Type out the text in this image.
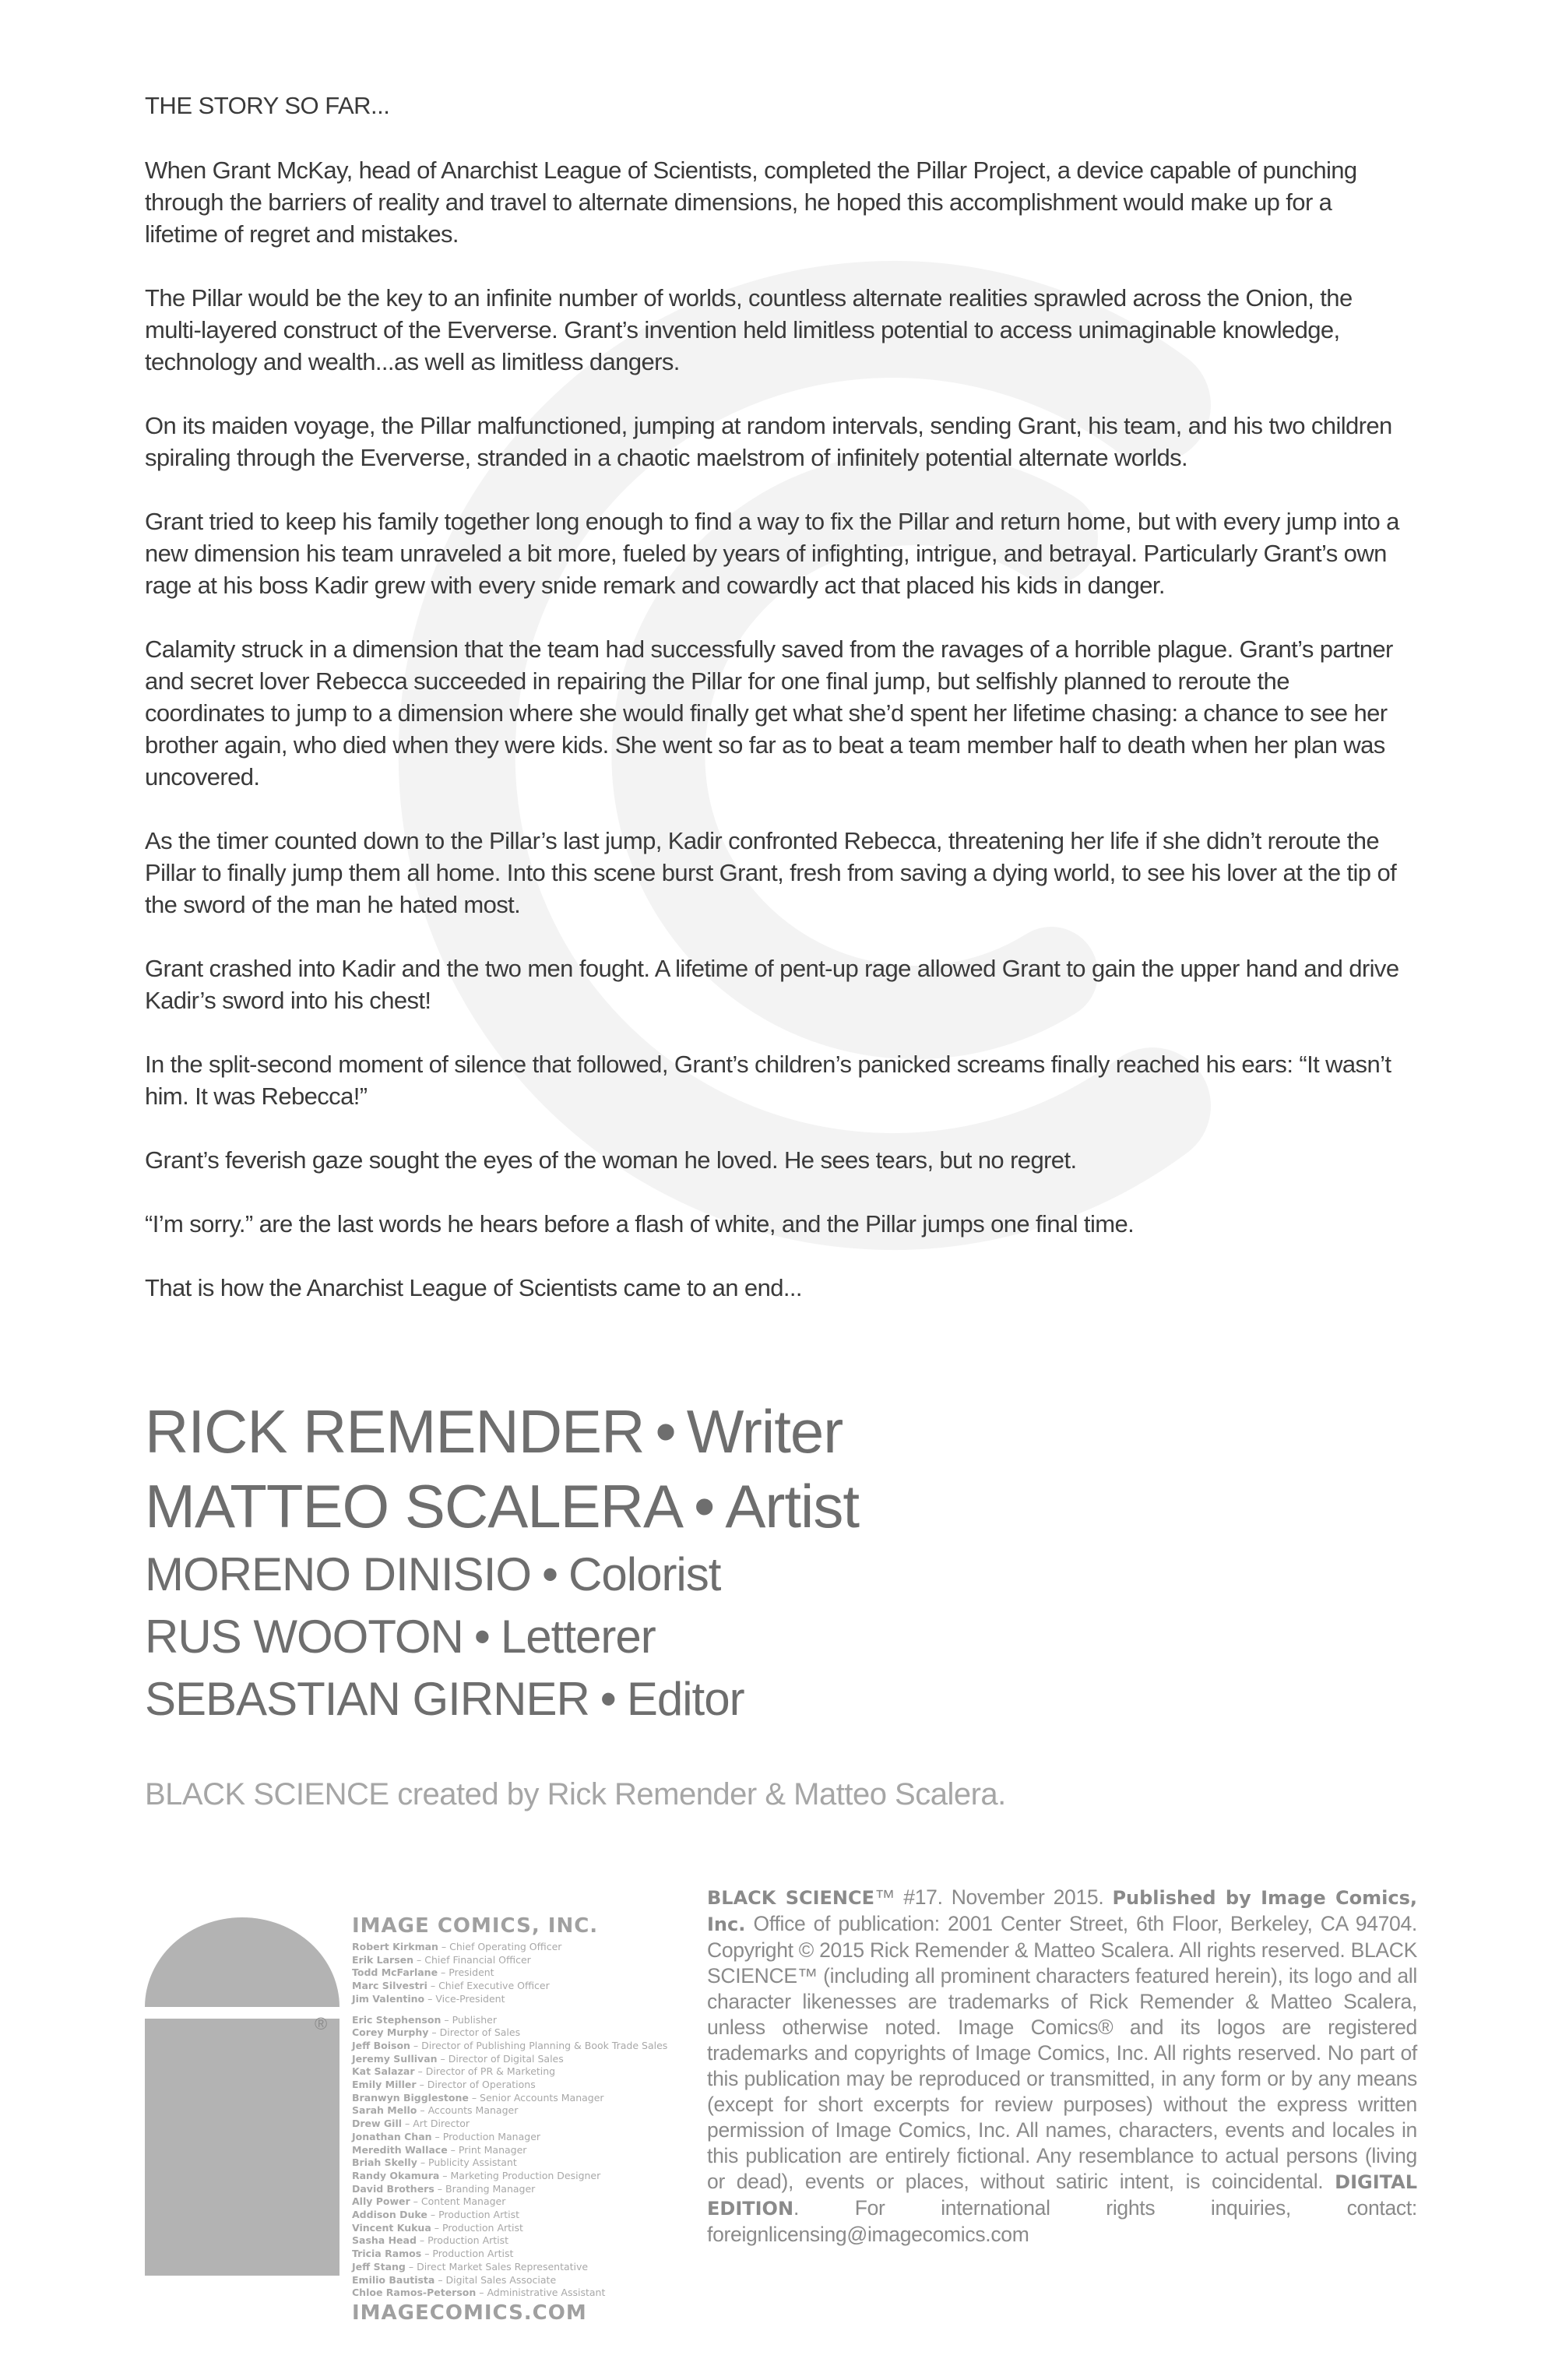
THE STORY SO FAR...

When Grant McKay, head of Anarchist League of Scientists, completed the Pillar Project, a device capable of punching through the barriers of reality and travel to alternate dimensions, he hoped this accomplishment would make up for a lifetime of regret and mistakes.

The Pillar would be the key to an infinite number of worlds, countless alternate realities sprawled across the Onion, the multi-layered construct of the Eververse. Grant’s invention held limitless potential to access unimaginable knowledge, technology and wealth...as well as limitless dangers.

On its maiden voyage, the Pillar malfunctioned, jumping at random intervals, sending Grant, his team, and his two children spiraling through the Eververse, stranded in a chaotic maelstrom of infinitely potential alternate worlds.

Grant tried to keep his family together long enough to find a way to fix the Pillar and return home, but with every jump into a new dimension his team unraveled a bit more, fueled by years of infighting, intrigue, and betrayal. Particularly Grant’s own rage at his boss Kadir grew with every snide remark and cowardly act that placed his kids in danger.

Calamity struck in a dimension that the team had successfully saved from the ravages of a horrible plague. Grant’s partner and secret lover Rebecca succeeded in repairing the Pillar for one final jump, but selfishly planned to reroute the coordinates to jump to a dimension where she would finally get what she’d spent her lifetime chasing: a chance to see her brother again, who died when they were kids. She went so far as to beat a team member half to death when her plan was uncovered.

As the timer counted down to the Pillar’s last jump, Kadir confronted Rebecca, threatening her life if she didn’t reroute the Pillar to finally jump them all home. Into this scene burst Grant, fresh from saving a dying world, to see his lover at the tip of the sword of the man he hated most.

Grant crashed into Kadir and the two men fought. A lifetime of pent-up rage allowed Grant to gain the upper hand and drive Kadir’s sword into his chest!

In the split-second moment of silence that followed, Grant’s children’s panicked screams finally reached his ears: “It wasn’t him. It was Rebecca!”

Grant’s feverish gaze sought the eyes of the woman he loved. He sees tears, but no regret.

“I’m sorry.” are the last words he hears before a flash of white, and the Pillar jumps one final time.

That is how the Anarchist League of Scientists came to an end...

RICK REMENDER • Writer
MATTEO SCALERA • Artist
MORENO DINISIO • Colorist
RUS WOOTON • Letterer
SEBASTIAN GIRNER • Editor
BLACK SCIENCE created by Rick Remender & Matteo Scalera.
®
IMAGE COMICS, INC.
Robert Kirkman – Chief Operating Officer
Erik Larsen – Chief Financial Officer
Todd McFarlane – President
Marc Silvestri – Chief Executive Officer
Jim Valentino – Vice-President
Eric Stephenson – Publisher
Corey Murphy – Director of Sales
Jeff Boison – Director of Publishing Planning & Book Trade Sales
Jeremy Sullivan – Director of Digital Sales
Kat Salazar – Director of PR & Marketing
Emily Miller – Director of Operations
Branwyn Bigglestone – Senior Accounts Manager
Sarah Mello – Accounts Manager
Drew Gill – Art Director
Jonathan Chan – Production Manager
Meredith Wallace – Print Manager
Briah Skelly – Publicity Assistant
Randy Okamura – Marketing Production Designer
David Brothers – Branding Manager
Ally Power – Content Manager
Addison Duke – Production Artist
Vincent Kukua – Production Artist
Sasha Head – Production Artist
Tricia Ramos – Production Artist
Jeff Stang – Direct Market Sales Representative
Emilio Bautista – Digital Sales Associate
Chloe Ramos-Peterson – Administrative Assistant
IMAGECOMICS.COM
BLACK SCIENCE™ #17. November 2015. Published by Image Comics, Inc. Office of publication: 2001 Center Street, 6th Floor, Berkeley, CA 94704. Copyright © 2015 Rick Remender & Matteo Scalera. All rights reserved. BLACK SCIENCE™ (including all prominent characters featured herein), its logo and all character likenesses are trademarks of Rick Remender & Matteo Scalera, unless otherwise noted. Image Comics® and its logos are registered trademarks and copyrights of Image Comics, Inc. All rights reserved. No part of this publication may be reproduced or transmitted, in any form or by any means (except for short excerpts for review purposes) without the express written permission of Image Comics, Inc. All names, characters, events and locales in this publication are entirely fictional. Any resemblance to actual persons (living or dead), events or places, without satiric intent, is coincidental. DIGITAL EDITION. For international rights inquiries, contact: foreignlicensing@imagecomics.com
